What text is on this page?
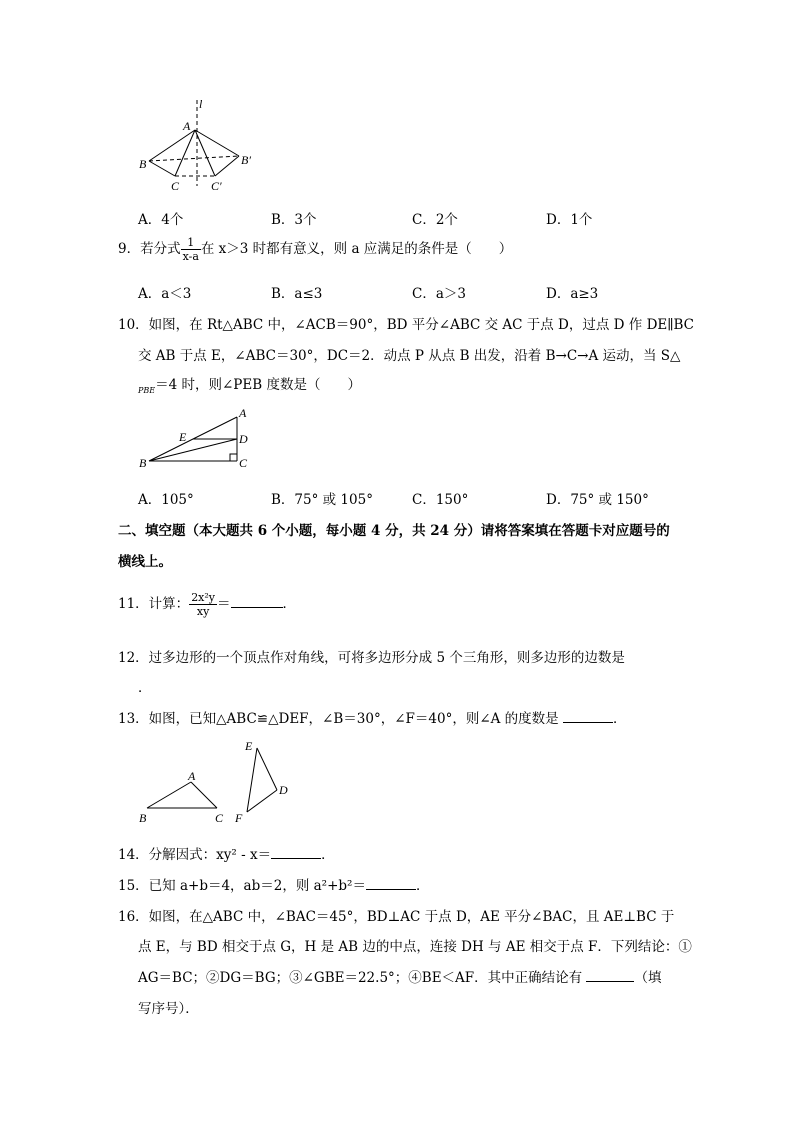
l
A
B	B′
C	C′
A．4个	B．3个	C．2个	D．1个
9．若分式 $\frac{1}{x-a}$ 在 x＞3 时都有意义，则 a 应满足的条件是（　　）
A．a＜3	B．a≤3	C．a＞3	D．a≥3
10．如图，在 Rt△ABC 中，∠ACB＝90°，BD 平分∠ABC 交 AC 于点 D，过点 D 作 DE∥BC
交 AB 于点 E，∠ABC＝30°，DC＝2．动点 P 从点 B 出发，沿着 B→C→A 运动，当 S△
$_{PBE}$＝4 时，则∠PEB 度数是（　　）
A
E	D
B	C
A．105°	B．75° 或 105°	C．150°	D．75° 或 150°
二、填空题（本大题共 6 个小题，每小题 4 分，共 24 分）请将答案填在答题卡对应题号的
横线上。
11．计算： $\frac{\text{2x²y}}{xy}$ ＝	．
12．过多边形的一个顶点作对角线，可将多边形分成 5 个三角形，则多边形的边数是
．
13．如图，已知△ABC≌△DEF，∠B＝30°，∠F＝40°，则∠A 的度数是	．
A
B	C
E
D
F
14．分解因式：xy² - x＝	．
15．已知 a+b＝4，ab＝2，则 a²+b²＝	．
16．如图，在△ABC 中，∠BAC＝45°，BD⊥AC 于点 D，AE 平分∠BAC，且 AE⊥BC 于
点 E，与 BD 相交于点 G，H 是 AB 边的中点，连接 DH 与 AE 相交于点 F．下列结论：①
AG＝BC；②DG＝BG；③∠GBE＝22.5°；④BE＜AF．其中正确结论有	（填
写序号）．
